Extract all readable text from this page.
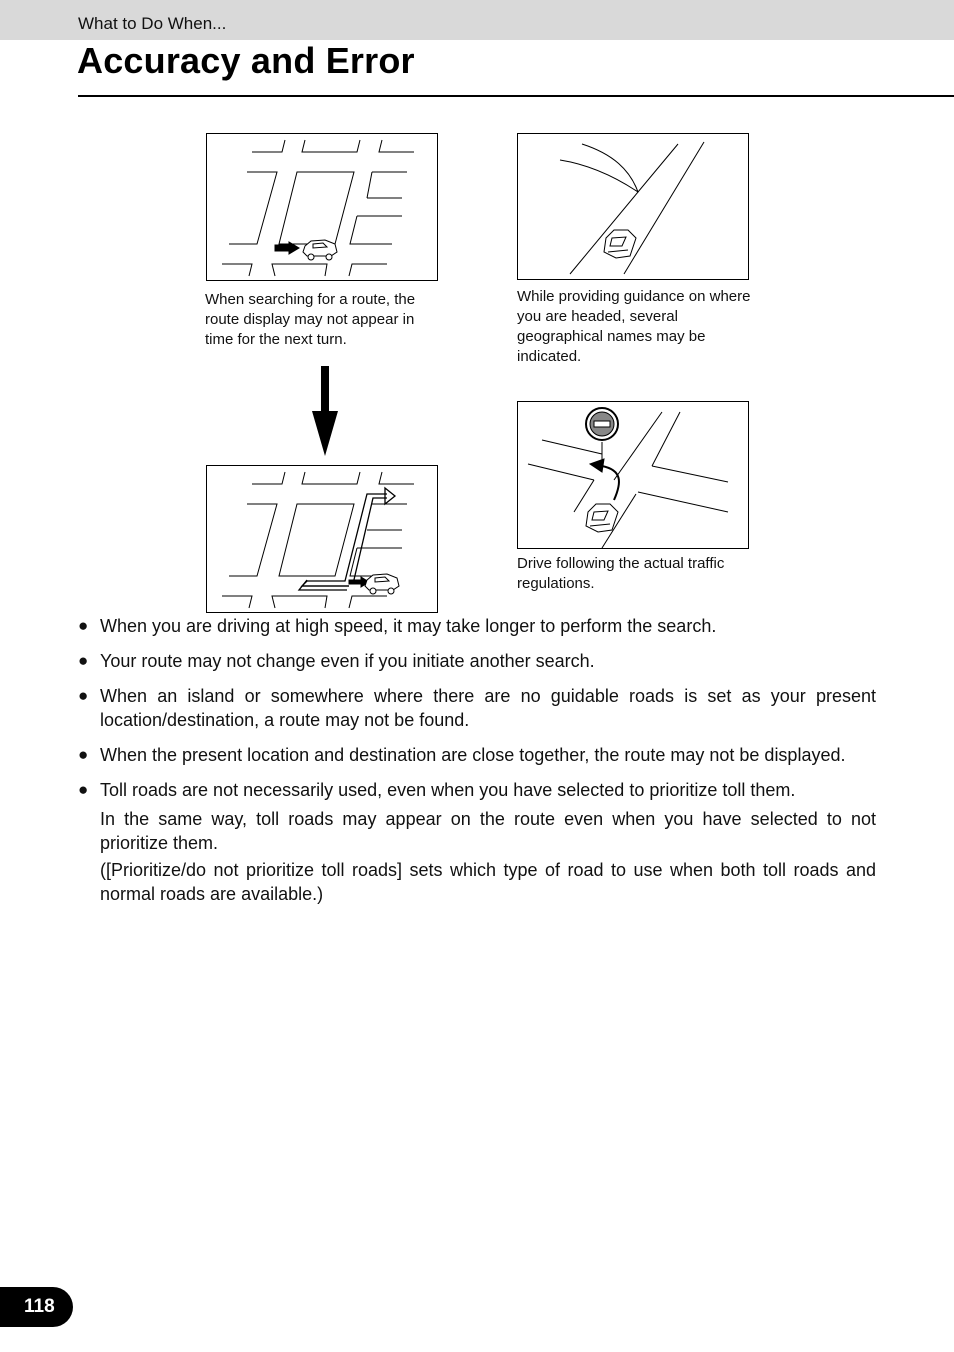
What to Do When...
Accuracy and Error
When searching for a route, the route display may not appear in time for the next turn.
While providing guidance on where you are headed, several geographical names may be indicated.
Drive following the actual traffic regulations.
● When you are driving at high speed, it may take longer to perform the search.
● Your route may not change even if you initiate another search.
● When an island or somewhere where there are no guidable roads is set as your present location/destination, a route may not be found.
● When the present location and destination are close together, the route may not be displayed.
● Toll roads are not necessarily used, even when you have selected to prioritize toll them.
In the same way, toll roads may appear on the route even when you have selected to not prioritize them.
([Prioritize/do not prioritize toll roads] sets which type of road to use when both toll roads and normal roads are available.)
118
